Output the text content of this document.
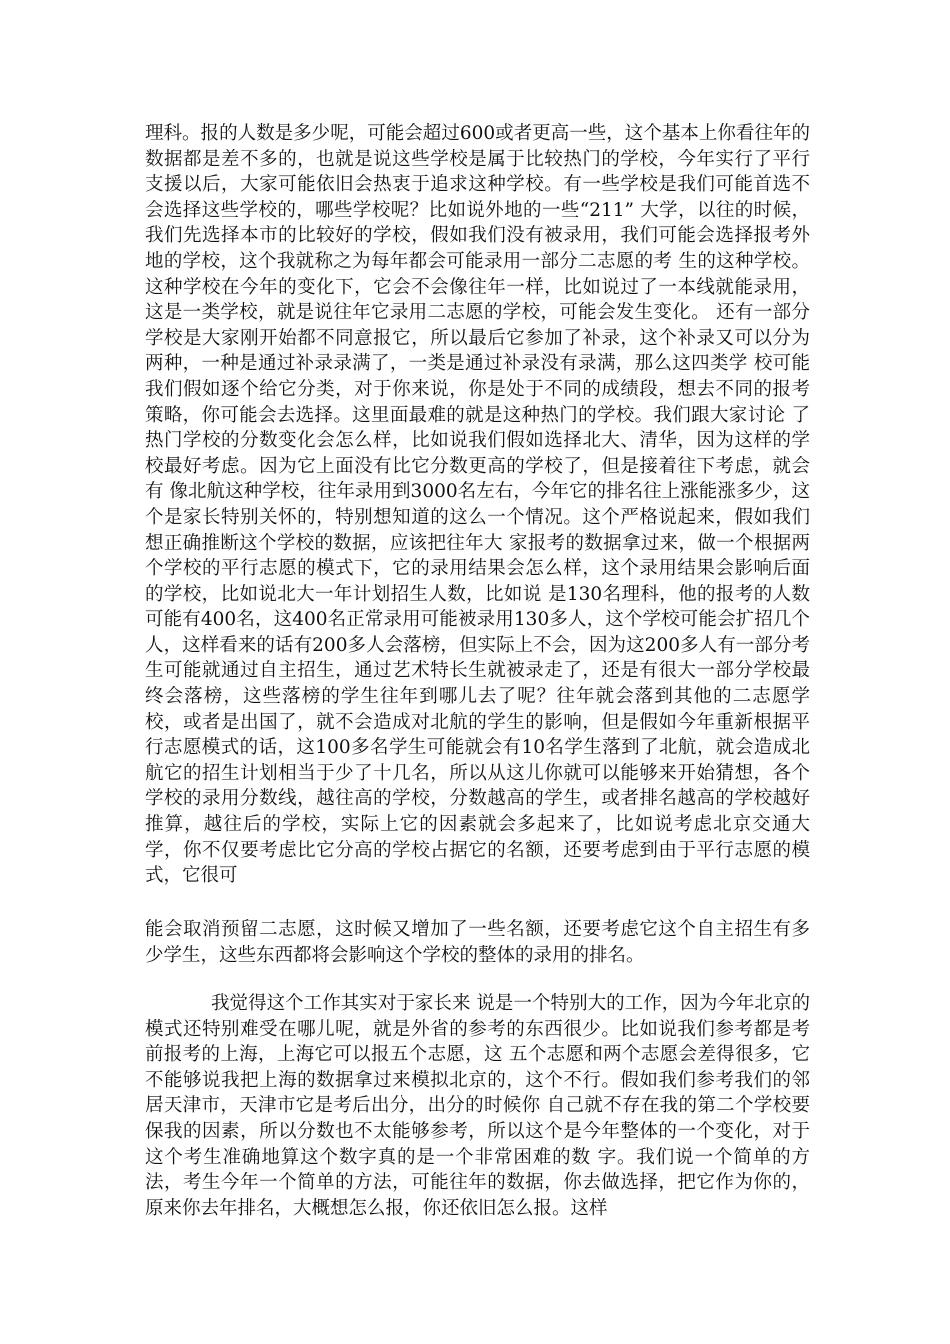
理科。报的人数是多少呢，可能会超过600或者更高一些，这个基本上你看往年的数据都是差不多的，也就是说这些学校是属于比较热门的学校，今年实行了平行支援以后，大家可能依旧会热衷于追求这种学校。有一些学校是我们可能首选不会选择这些学校的，哪些学校呢？比如说外地的一些“211” 大学，以往的时候，我们先选择本市的比较好的学校，假如我们没有被录用，我们可能会选择报考外地的学校，这个我就称之为每年都会可能录用一部分二志愿的考 生的这种学校。这种学校在今年的变化下，它会不会像往年一样，比如说过了一本线就能录用，这是一类学校，就是说往年它录用二志愿的学校，可能会发生变化。 还有一部分学校是大家刚开始都不同意报它，所以最后它参加了补录，这个补录又可以分为两种，一种是通过补录录满了，一类是通过补录没有录满，那么这四类学 校可能我们假如逐个给它分类，对于你来说，你是处于不同的成绩段，想去不同的报考策略，你可能会去选择。这里面最难的就是这种热门的学校。我们跟大家讨论 了热门学校的分数变化会怎么样，比如说我们假如选择北大、清华，因为这样的学校最好考虑。因为它上面没有比它分数更高的学校了，但是接着往下考虑，就会有 像北航这种学校，往年录用到3000名左右，今年它的排名往上涨能涨多少，这个是家长特别关怀的，特别想知道的这么一个情况。这个严格说起来，假如我们想正确推断这个学校的数据，应该把往年大 家报考的数据拿过来，做一个根据两个学校的平行志愿的模式下，它的录用结果会怎么样，这个录用结果会影响后面的学校，比如说北大一年计划招生人数，比如说 是130名理科，他的报考的人数可能有400名，这400名正常录用可能被录用130多人，这个学校可能会扩招几个人，这样看来的话有200多人会落榜，但实际上不会，因为这200多人有一部分考生可能就通过自主招生，通过艺术特长生就被录走了，还是有很大一部分学校最终会落榜，这些落榜的学生往年到哪儿去了呢？往年就会落到其他的二志愿学校，或者是出国了，就不会造成对北航的学生的影响，但是假如今年重新根据平行志愿模式的话，这100多名学生可能就会有10名学生落到了北航，就会造成北航它的招生计划相当于少了十几名，所以从这儿你就可以能够来开始猜想，各个学校的录用分数线，越往高的学校，分数越高的学生，或者排名越高的学校越好推算，越往后的学校，实际上它的因素就会多起来了，比如说考虑北京交通大学，你不仅要考虑比它分高的学校占据它的名额，还要考虑到由于平行志愿的模式，它很可

能会取消预留二志愿，这时候又增加了一些名额，还要考虑它这个自主招生有多少学生，这些东西都将会影响这个学校的整体的录用的排名。

我觉得这个工作其实对于家长来 说是一个特别大的工作，因为今年北京的模式还特别难受在哪儿呢，就是外省的参考的东西很少。比如说我们参考都是考前报考的上海，上海它可以报五个志愿，这 五个志愿和两个志愿会差得很多，它不能够说我把上海的数据拿过来模拟北京的，这个不行。假如我们参考我们的邻居天津市，天津市它是考后出分，出分的时候你 自己就不存在我的第二个学校要保我的因素，所以分数也不太能够参考，所以这个是今年整体的一个变化，对于这个考生准确地算这个数字真的是一个非常困难的数 字。我们说一个简单的方法，考生今年一个简单的方法，可能往年的数据，你去做选择，把它作为你的，原来你去年排名，大概想怎么报，你还依旧怎么报。这样
